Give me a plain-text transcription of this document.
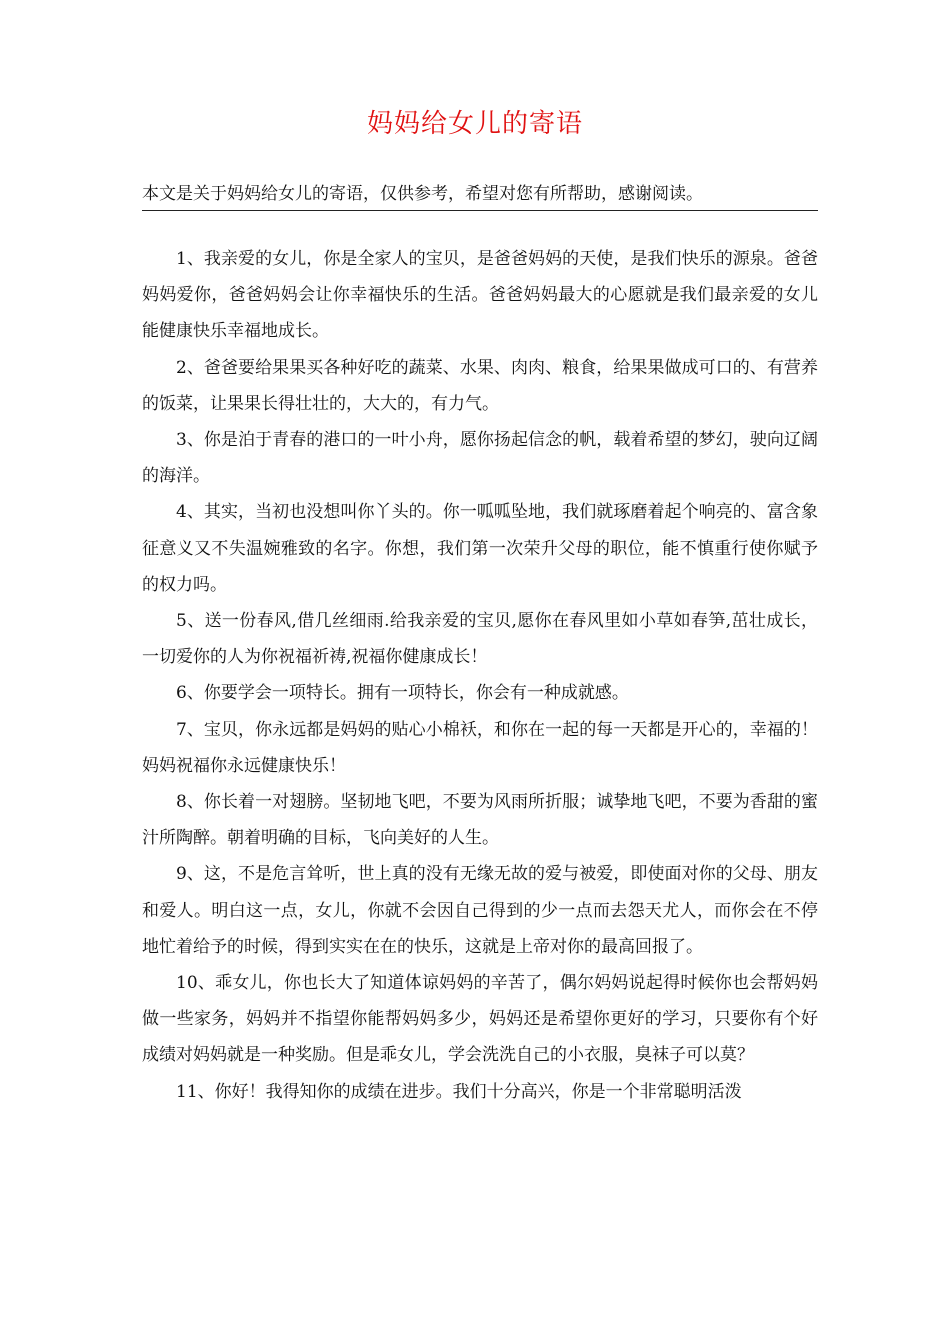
妈妈给女儿的寄语
本文是关于妈妈给女儿的寄语，仅供参考，希望对您有所帮助，感谢阅读。

1、我亲爱的女儿，你是全家人的宝贝，是爸爸妈妈的天使，是我们快乐的源泉。爸爸妈妈爱你，爸爸妈妈会让你幸福快乐的生活。爸爸妈妈最大的心愿就是我们最亲爱的女儿能健康快乐幸福地成长。

2、爸爸要给果果买各种好吃的蔬菜、水果、肉肉、粮食，给果果做成可口的、有营养的饭菜，让果果长得壮壮的，大大的，有力气。

3、你是泊于青春的港口的一叶小舟，愿你扬起信念的帆，载着希望的梦幻，驶向辽阔的海洋。

4、其实，当初也没想叫你丫头的。你一呱呱坠地，我们就琢磨着起个响亮的、富含象征意义又不失温婉雅致的名字。你想，我们第一次荣升父母的职位，能不慎重行使你赋予的权力吗。

5、送一份春风,借几丝细雨.给我亲爱的宝贝,愿你在春风里如小草如春笋,茁壮成长，一切爱你的人为你祝福祈祷,祝福你健康成长！

6、你要学会一项特长。拥有一项特长，你会有一种成就感。

7、宝贝，你永远都是妈妈的贴心小棉袄，和你在一起的每一天都是开心的，幸福的！妈妈祝福你永远健康快乐！

8、你长着一对翅膀。坚韧地飞吧，不要为风雨所折服；诚挚地飞吧，不要为香甜的蜜汁所陶醉。朝着明确的目标，飞向美好的人生。

9、这，不是危言耸听，世上真的没有无缘无故的爱与被爱，即使面对你的父母、朋友和爱人。明白这一点，女儿，你就不会因自己得到的少一点而去怨天尤人，而你会在不停地忙着给予的时候，得到实实在在的快乐，这就是上帝对你的最高回报了。

10、乖女儿，你也长大了知道体谅妈妈的辛苦了，偶尔妈妈说起得时候你也会帮妈妈做一些家务，妈妈并不指望你能帮妈妈多少，妈妈还是希望你更好的学习，只要你有个好成绩对妈妈就是一种奖励。但是乖女儿，学会洗洗自己的小衣服，臭袜子可以莫？

11、你好！我得知你的成绩在进步。我们十分高兴，你是一个非常聪明活泼
